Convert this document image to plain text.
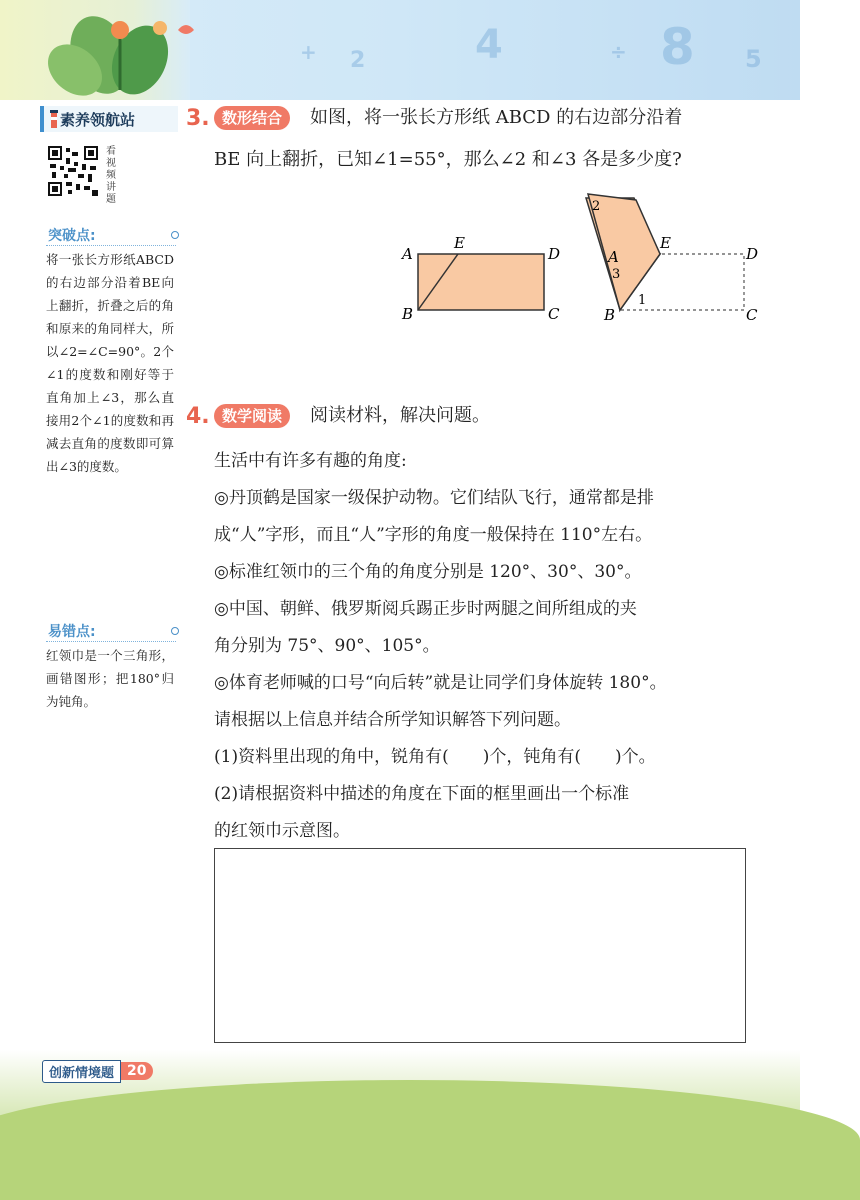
+ 2	4	÷ 8 5
素养领航站
看视频讲题
突破点:
将一张长方形纸ABCD的右边部分沿着BE向上翻折，折叠之后的角和原来的角同样大，所以∠2=∠C=90°。2个∠1的度数和刚好等于直角加上∠3，那么直接用2个∠1的度数和再减去直角的度数即可算出∠3的度数。
易错点:
红领巾是一个三角形，画错图形；把180°归为钝角。
3. 数形结合	如图，将一张长方形纸 ABCD 的右边部分沿着
BE 向上翻折，已知∠1=55°，那么∠2 和∠3 各是多少度?
A
E
D
B	C
2
A
E
D
B	C
3
1
4. 数学阅读	阅读材料，解决问题。
生活中有许多有趣的角度:
◎丹顶鹤是国家一级保护动物。它们结队飞行，通常都是排
成“人”字形，而且“人”字形的角度一般保持在 110°左右。
◎标准红领巾的三个角的角度分别是 120°、30°、30°。
◎中国、朝鲜、俄罗斯阅兵踢正步时两腿之间所组成的夹
角分别为 75°、90°、105°。
◎体育老师喊的口号“向后转”就是让同学们身体旋转 180°。
请根据以上信息并结合所学知识解答下列问题。
(1)资料里出现的角中，锐角有(　　)个，钝角有(　　)个。
(2)请根据资料中描述的角度在下面的框里画出一个标准
的红领巾示意图。
创新情境题 20
